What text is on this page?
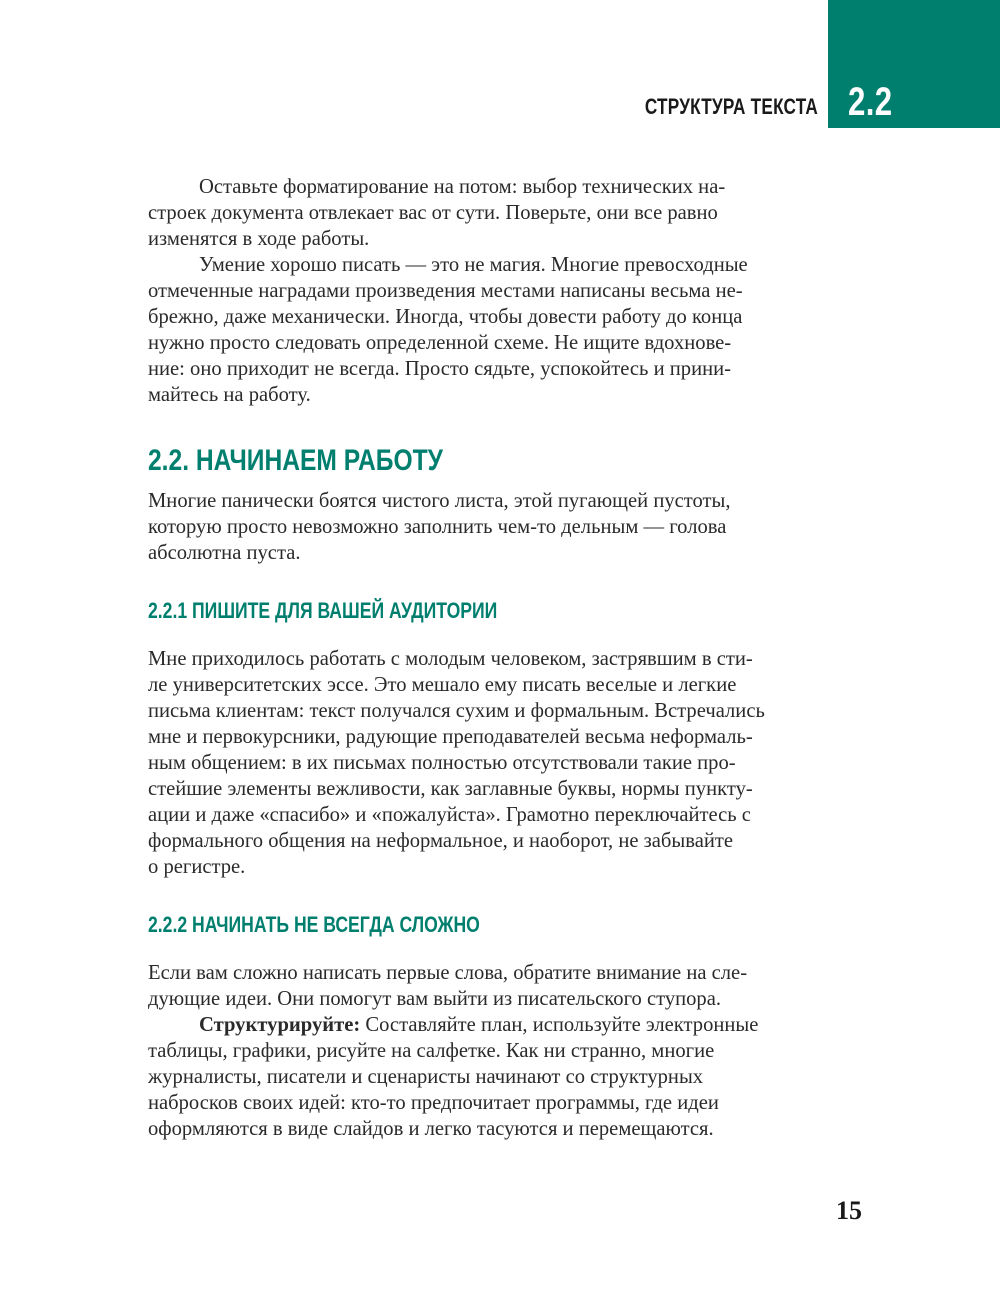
2.2
СТРУКТУРА ТЕКСТА
Оставьте форматирование на потом: выбор технических на-
строек документа отвлекает вас от сути. Поверьте, они все равно
изменятся в ходе работы.
Умение хорошо писать — это не магия. Многие превосходные
отмеченные наградами произведения местами написаны весьма не-
брежно, даже механически. Иногда, чтобы довести работу до конца
нужно просто следовать определенной схеме. Не ищите вдохнове-
ние: оно приходит не всегда. Просто сядьте, успокойтесь и прини-
майтесь на работу.
2.2. НАЧИНАЕМ РАБОТУ
Многие панически боятся чистого листа, этой пугающей пустоты,
которую просто невозможно заполнить чем-то дельным — голова
абсолютна пуста.
2.2.1 ПИШИТЕ ДЛЯ ВАШЕЙ АУДИТОРИИ
Мне приходилось работать с молодым человеком, застрявшим в сти-
ле университетских эссе. Это мешало ему писать веселые и легкие
письма клиентам: текст получался сухим и формальным. Встречались
мне и первокурсники, радующие преподавателей весьма неформаль-
ным общением: в их письмах полностью отсутствовали такие про-
стейшие элементы вежливости, как заглавные буквы, нормы пункту-
ации и даже «спасибо» и «пожалуйста». Грамотно переключайтесь с
формального общения на неформальное, и наоборот, не забывайте
о регистре.
2.2.2 НАЧИНАТЬ НЕ ВСЕГДА СЛОЖНО
Если вам сложно написать первые слова, обратите внимание на сле-
дующие идеи. Они помогут вам выйти из писательского ступора.
Структурируйте: Составляйте план, используйте электронные
таблицы, графики, рисуйте на салфетке. Как ни странно, многие
журналисты, писатели и сценаристы начинают со структурных
набросков своих идей: кто-то предпочитает программы, где идеи
оформляются в виде слайдов и легко тасуются и перемещаются.
15
